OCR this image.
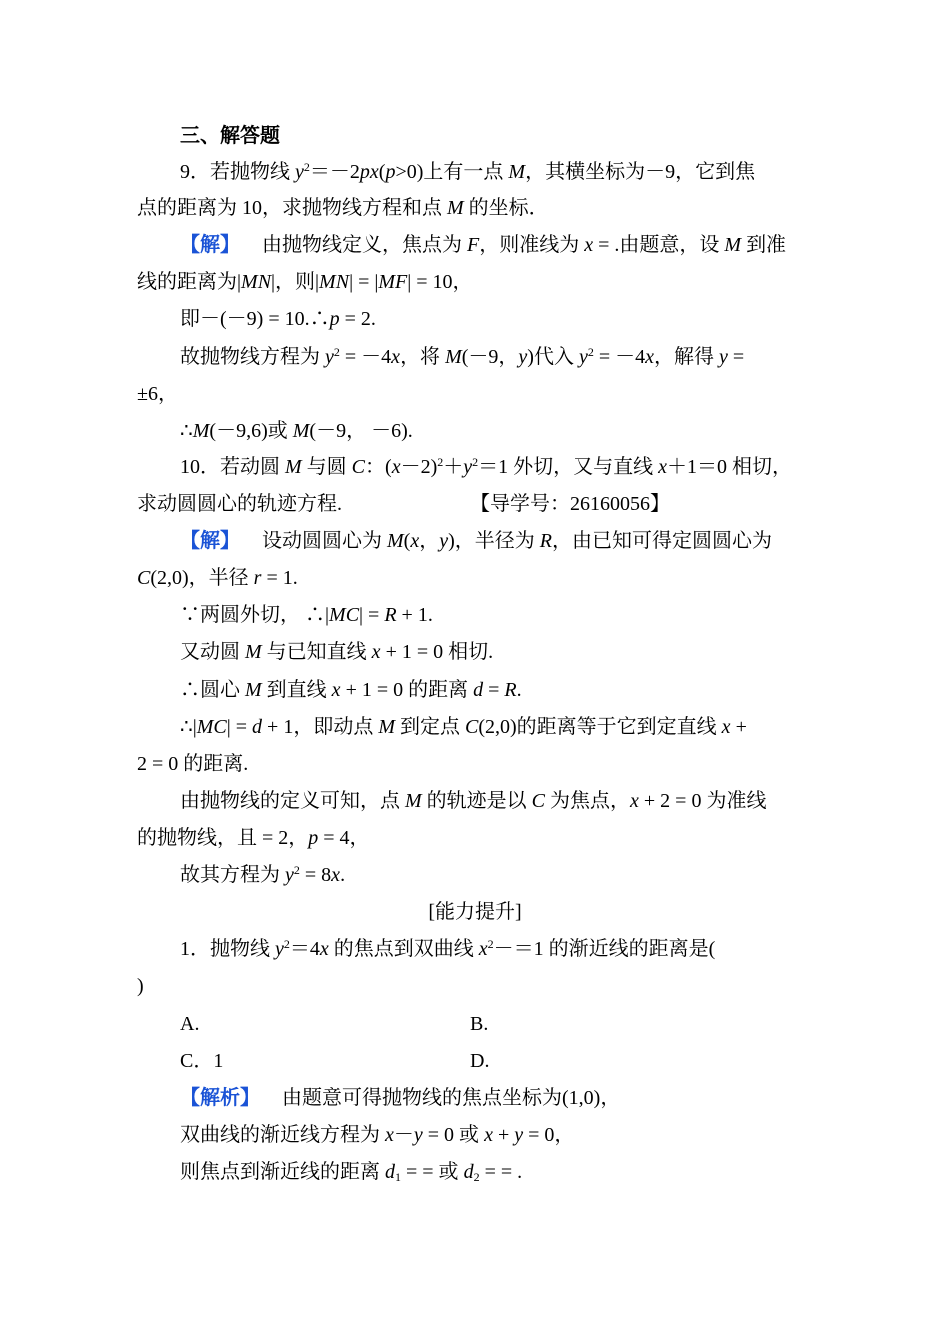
三、解答题
9．若抛物线 $y^2=-2px(p>0)$上有一点 M，其横坐标为－9，它到焦
点的距离为 10，求抛物线方程和点 M 的坐标．
【解】 由抛物线定义，焦点为 F，则准线为 x = .由题意，设 M 到准
线的距离为|MN|，则|MN| = |MF| = 10，
即－(－9) = 10.∴p = 2.
故抛物线方程为 $y^2 = -4x$，将 M(－9，y)代入 $y^2 = -4x$，解得 y =
±6，
∴M(－9,6)或 M(－9， －6).
10．若动圆 M 与圆 C：$(x-2)^2+y^2=1$ 外切，又与直线 x＋1＝0 相切，
求动圆圆心的轨迹方程.	【导学号：26160056】
【解】 设动圆圆心为 M(x，y)，半径为 R，由已知可得定圆圆心为
C(2,0)，半径 r = 1.
∵两圆外切， ∴|MC| = R + 1.
又动圆 M 与已知直线 x + 1 = 0 相切.
∴圆心 M 到直线 x + 1 = 0 的距离 d = R.
∴|MC| = d + 1，即动点 M 到定点 C(2,0)的距离等于它到定直线 x +
2 = 0 的距离.
由抛物线的定义可知，点 M 的轨迹是以 C 为焦点，x + 2 = 0 为准线
的抛物线，且 = 2，p = 4，
故其方程为 $y^2 = 8x$.
[能力提升]
1．抛物线 $y^2=4x$ 的焦点到双曲线 $x^2-=1$ 的渐近线的距离是(
)
A.	B.
C．1	D.
【解析】 由题意可得抛物线的焦点坐标为(1,0)，
双曲线的渐近线方程为 x－y = 0 或 x + y = 0，
则焦点到渐近线的距离 $d_1$ = = 或 $d_2$ = = .
